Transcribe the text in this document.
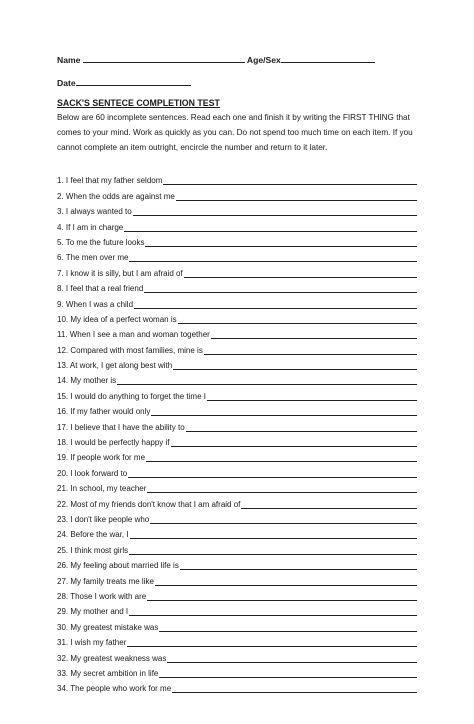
Name	Age/Sex
Date
SACK'S SENTECE COMPLETION TEST
Below are 60 incomplete sentences. Read each one and finish it by writing the FIRST THING that comes to your mind. Work as quickly as you can. Do not spend too much time on each item. If you cannot complete an item outright, encircle the number and return to it later.
1. I feel that my father seldom
2. When the odds are against me
3. I always wanted to
4. If I am in charge
5. To me the future looks
6. The men over me
7. I know it is silly, but I am afraid of
8. I feel that a real friend
9. When I was a child
10. My idea of a perfect woman is
11. When I see a man and woman together
12. Compared with most families, mine is
13. At work, I get along best with
14. My mother is
15. I would do anything to forget the time I
16. If my father would only
17. I believe that I have the ability to
18. I would be perfectly happy if
19. If people work for me
20. I look forward to
21. In school, my teacher
22. Most of my friends don't know that I am afraid of
23. I don't like people who
24. Before the war, I
25. I think most girls
26. My feeling about married life is
27. My family treats me like
28. Those I work with are
29. My mother and I
30. My greatest mistake was
31. I wish my father
32. My greatest weakness was
33. My secret ambition in life
34. The people who work for me
